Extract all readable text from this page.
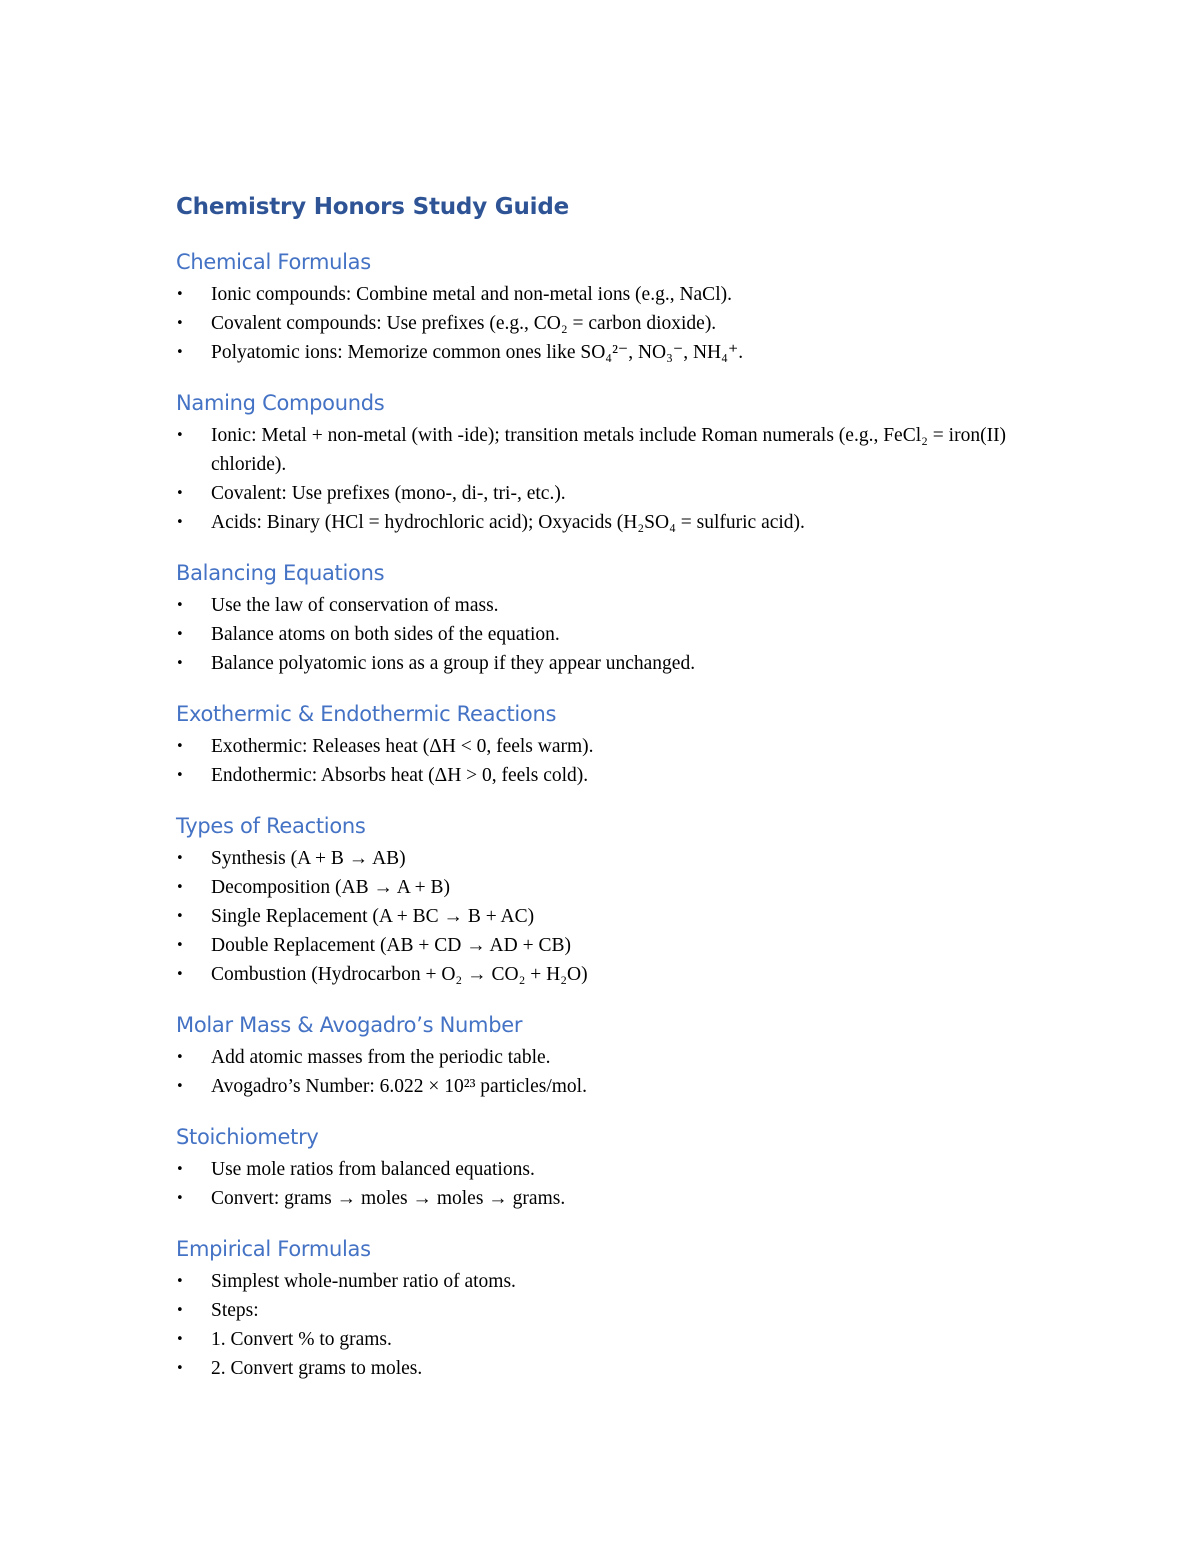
Chemistry Honors Study Guide
Chemical Formulas
•	Ionic compounds: Combine metal and non-metal ions (e.g., NaCl).
•	Covalent compounds: Use prefixes (e.g., CO₂ = carbon dioxide).
•	Polyatomic ions: Memorize common ones like SO₄²⁻, NO₃⁻, NH₄⁺.
Naming Compounds
•	Ionic: Metal + non-metal (with -ide); transition metals include Roman numerals (e.g., FeCl₂ = iron(II) chloride).
•	Covalent: Use prefixes (mono-, di-, tri-, etc.).
•	Acids: Binary (HCl = hydrochloric acid); Oxyacids (H₂SO₄ = sulfuric acid).
Balancing Equations
•	Use the law of conservation of mass.
•	Balance atoms on both sides of the equation.
•	Balance polyatomic ions as a group if they appear unchanged.
Exothermic & Endothermic Reactions
•	Exothermic: Releases heat (ΔH < 0, feels warm).
•	Endothermic: Absorbs heat (ΔH > 0, feels cold).
Types of Reactions
•	Synthesis (A + B → AB)
•	Decomposition (AB → A + B)
•	Single Replacement (A + BC → B + AC)
•	Double Replacement (AB + CD → AD + CB)
•	Combustion (Hydrocarbon + O₂ → CO₂ + H₂O)
Molar Mass & Avogadro’s Number
•	Add atomic masses from the periodic table.
•	Avogadro’s Number: 6.022 × 10²³ particles/mol.
Stoichiometry
•	Use mole ratios from balanced equations.
•	Convert: grams → moles → moles → grams.
Empirical Formulas
•	Simplest whole-number ratio of atoms.
•	Steps:
•	1. Convert % to grams.
•	2. Convert grams to moles.
